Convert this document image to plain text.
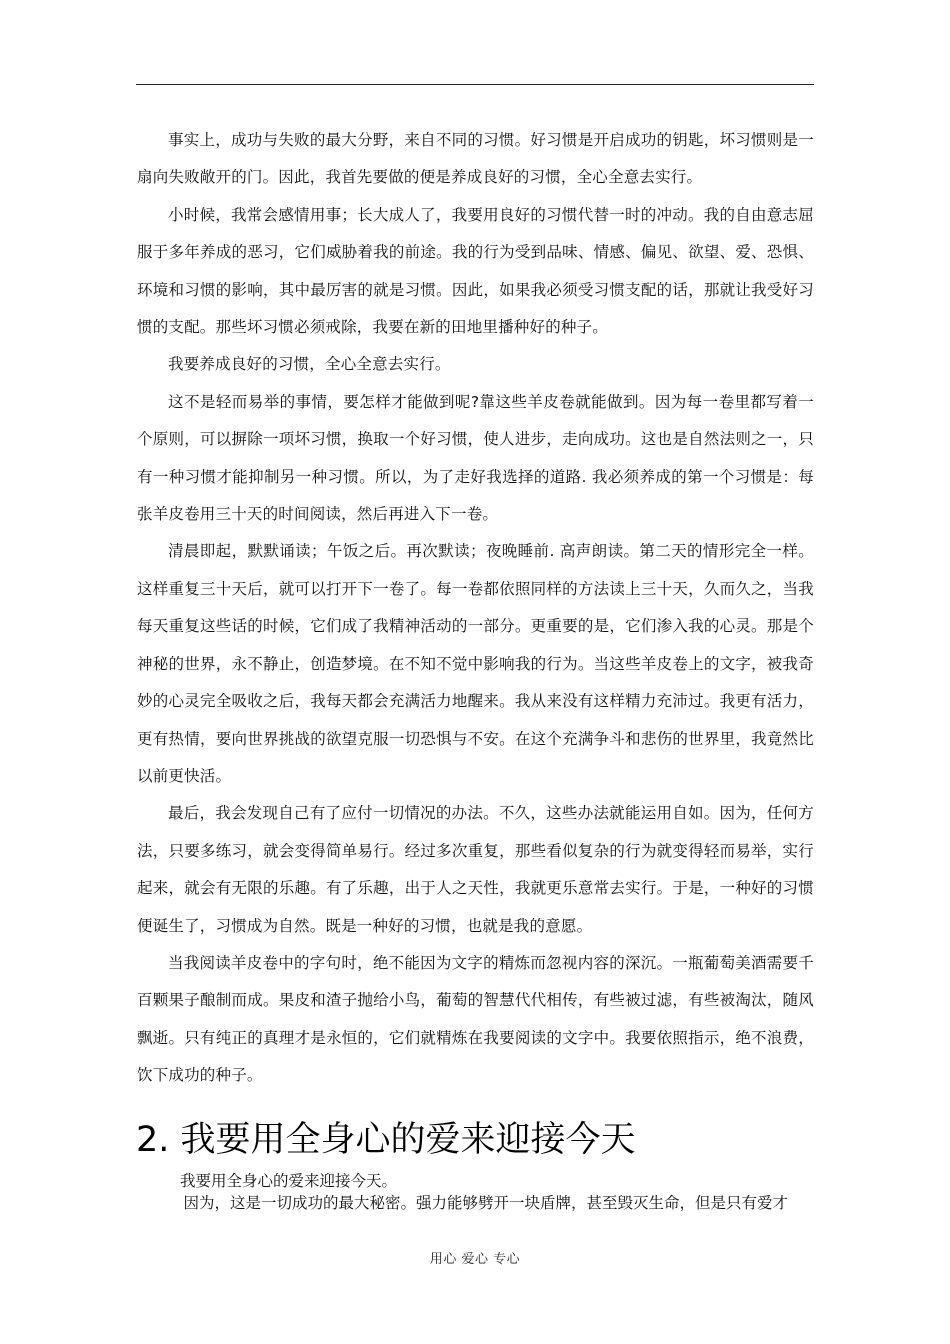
事实上，成功与失败的最大分野，来自不同的习惯。好习惯是开启成功的钥匙，坏习惯则是一扇向失败敞开的门。因此，我首先要做的便是养成良好的习惯，全心全意去实行。

小时候，我常会感情用事；长大成人了，我要用良好的习惯代替一时的冲动。我的自由意志屈服于多年养成的恶习，它们威胁着我的前途。我的行为受到品味、情感、偏见、欲望、爱、恐惧、环境和习惯的影响，其中最厉害的就是习惯。因此，如果我必须受习惯支配的话，那就让我受好习惯的支配。那些坏习惯必须戒除，我要在新的田地里播种好的种子。

我要养成良好的习惯，全心全意去实行。

这不是轻而易举的事情，要怎样才能做到呢?靠这些羊皮卷就能做到。因为每一卷里都写着一个原则，可以摒除一项坏习惯，换取一个好习惯，使人进步，走向成功。这也是自然法则之一，只有一种习惯才能抑制另一种习惯。所以，为了走好我选择的道路. 我必须养成的第一个习惯是：每张羊皮卷用三十天的时间阅读，然后再进入下一卷。

清晨即起，默默诵读；午饭之后。再次默读；夜晚睡前. 高声朗读。第二天的情形完全一样。这样重复三十天后，就可以打开下一卷了。每一卷都依照同样的方法读上三十天，久而久之，当我每天重复这些话的时候，它们成了我精神活动的一部分。更重要的是，它们渗入我的心灵。那是个神秘的世界，永不静止，创造梦境。在不知不觉中影响我的行为。当这些羊皮卷上的文字，被我奇妙的心灵完全吸收之后，我每天都会充满活力地醒来。我从来没有这样精力充沛过。我更有活力，更有热情，要向世界挑战的欲望克服一切恐惧与不安。在这个充满争斗和悲伤的世界里，我竟然比以前更快活。

最后，我会发现自己有了应付一切情况的办法。不久，这些办法就能运用自如。因为，任何方法，只要多练习，就会变得简单易行。经过多次重复，那些看似复杂的行为就变得轻而易举，实行起来，就会有无限的乐趣。有了乐趣，出于人之天性，我就更乐意常去实行。于是，一种好的习惯便诞生了，习惯成为自然。既是一种好的习惯，也就是我的意愿。

当我阅读羊皮卷中的字句时，绝不能因为文字的精炼而忽视内容的深沉。一瓶葡萄美酒需要千百颗果子酿制而成。果皮和渣子抛给小鸟，葡萄的智慧代代相传，有些被过滤，有些被淘汰，随风飘逝。只有纯正的真理才是永恒的，它们就精炼在我要阅读的文字中。我要依照指示，绝不浪费，饮下成功的种子。

2. 我要用全身心的爱来迎接今天

我要用全身心的爱来迎接今天。

因为，这是一切成功的最大秘密。强力能够劈开一块盾牌，甚至毁灭生命，但是只有爱才

用心 爱心 专心
